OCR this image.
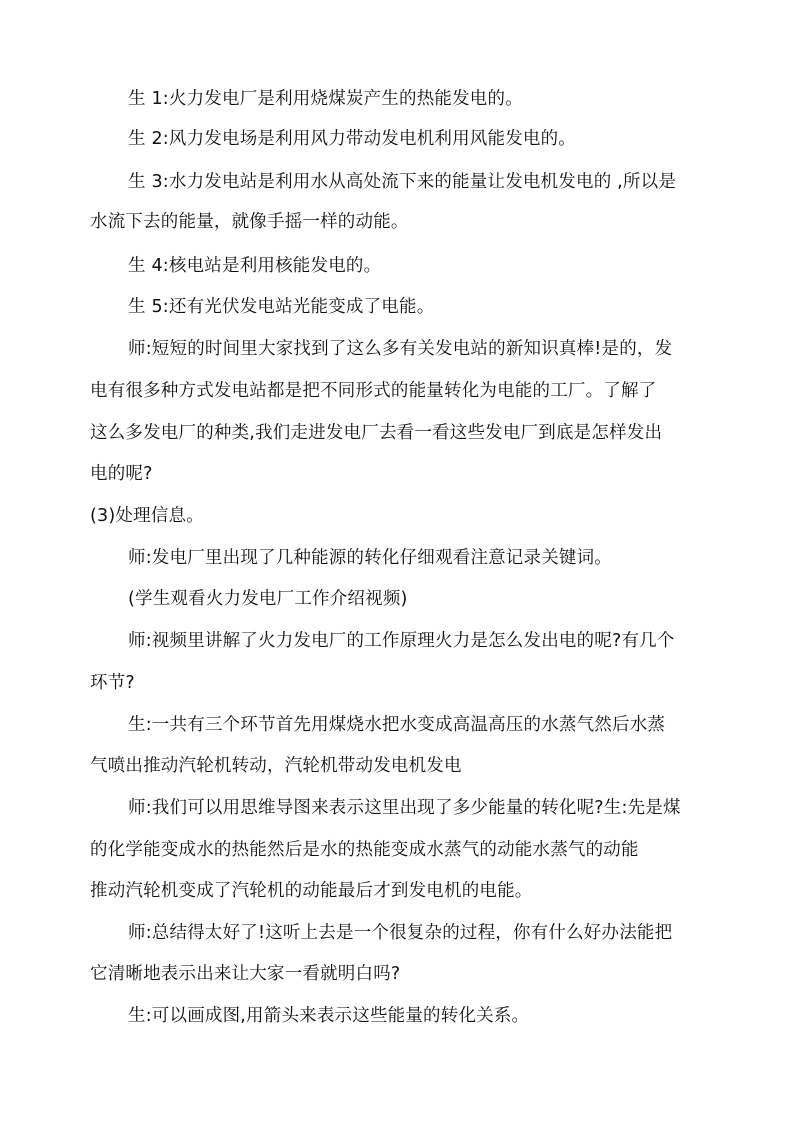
生 1:火力发电厂是利用烧煤炭产生的热能发电的。
生 2:风力发电场是利用风力带动发电机利用风能发电的。
生 3:水力发电站是利用水从高处流下来的能量让发电机发电的 ,所以是
水流下去的能量，就像手摇一样的动能。
生 4:核电站是利用核能发电的。
生 5:还有光伏发电站光能变成了电能。
师:短短的时间里大家找到了这么多有关发电站的新知识真棒!是的，发
电有很多种方式发电站都是把不同形式的能量转化为电能的工厂。了解了
这么多发电厂的种类,我们走进发电厂去看一看这些发电厂到底是怎样发出
电的呢?
(3)处理信息。
师:发电厂里出现了几种能源的转化仔细观看注意记录关键词。
(学生观看火力发电厂工作介绍视频)
师:视频里讲解了火力发电厂的工作原理火力是怎么发出电的呢?有几个
环节?
生:一共有三个环节首先用煤烧水把水变成高温高压的水蒸气然后水蒸
气喷出推动汽轮机转动，汽轮机带动发电机发电
师:我们可以用思维导图来表示这里出现了多少能量的转化呢?生:先是煤
的化学能变成水的热能然后是水的热能变成水蒸气的动能水蒸气的动能
推动汽轮机变成了汽轮机的动能最后才到发电机的电能。
师:总结得太好了!这听上去是一个很复杂的过程，你有什么好办法能把
它清晰地表示出来让大家一看就明白吗?
生:可以画成图,用箭头来表示这些能量的转化关系。
